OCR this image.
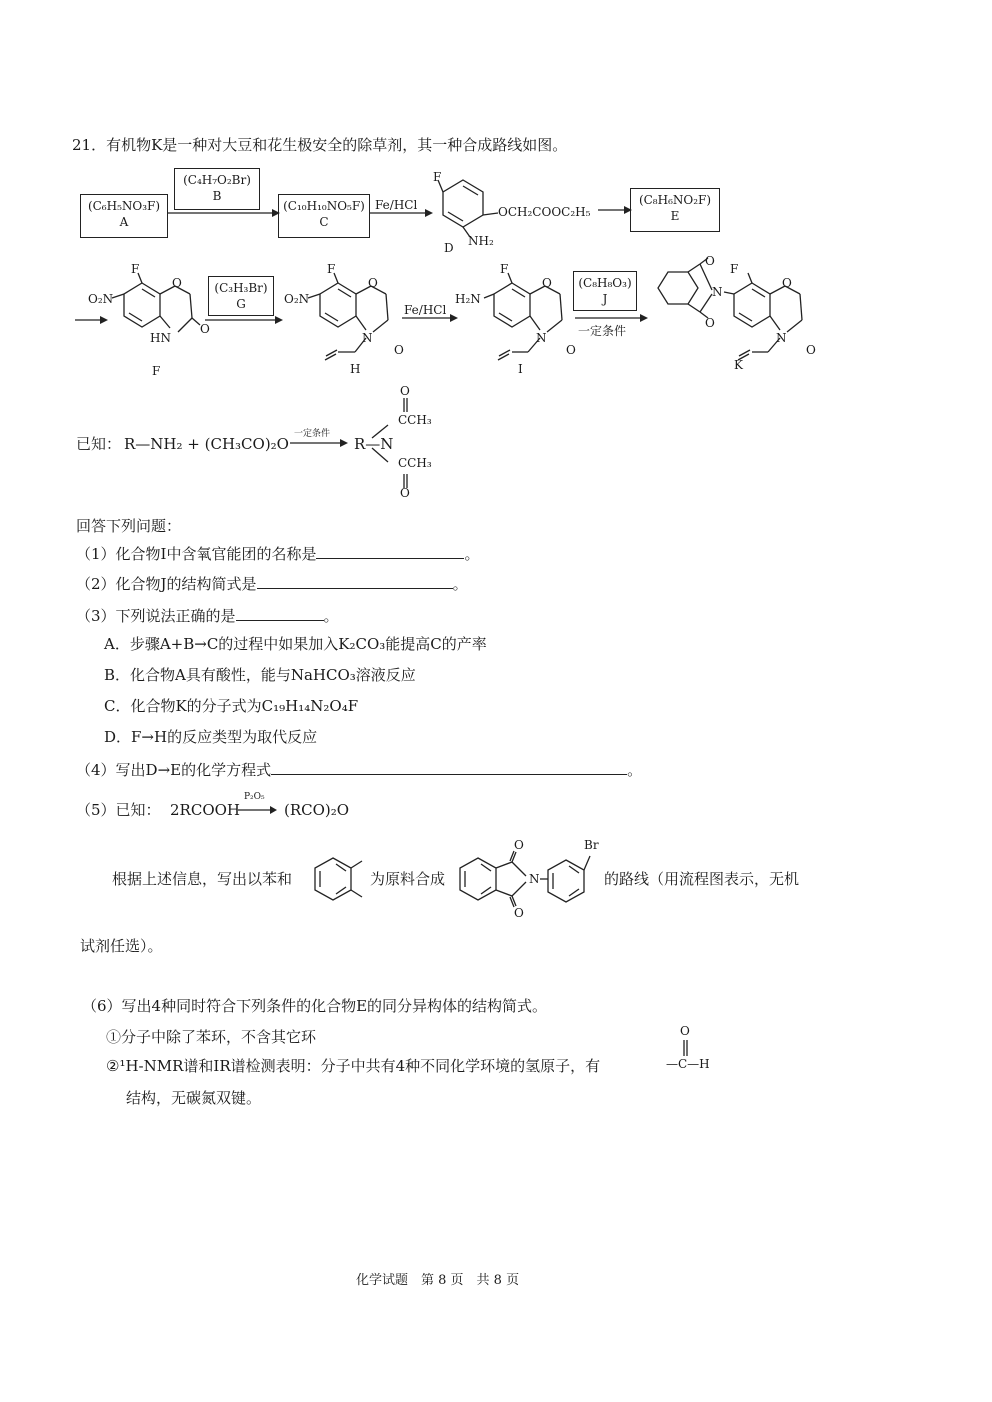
21．有机物K是一种对大豆和花生极安全的除草剂，其一种合成路线如图。
(C₆H₅NO₃F)
A
(C₄H₇O₂Br)
B
(C₁₀H₁₀NO₅F)
C
(C₈H₆NO₂F)
E
Fe/HCl
F
OCH₂COOC₂H₅
NH₂
D
F
O₂N
O
HN
O
F
(C₃H₃Br)
G
F
O₂N
O
N
O
H
Fe/HCl
F
H₂N
O
N
O
I
(C₈H₈O₃)
J
一定条件
O
N
O
F
O
N
O
K
已知： R—NH₂ + (CH₃CO)₂O
一定条件
R—N
O
CCH₃
CCH₃
O
回答下列问题：
（1）化合物I中含氧官能团的名称是	。
（2）化合物J的结构简式是	。
（3）下列说法正确的是	。
A．步骤A+B→C的过程中如果加入K₂CO₃能提高C的产率
B．化合物A具有酸性，能与NaHCO₃溶液反应
C．化合物K的分子式为C₁₉H₁₄N₂O₄F
D．F→H的反应类型为取代反应
（4）写出D→E的化学方程式	。
（5）已知： 2RCOOH
P₂O₅
(RCO)₂O
根据上述信息，写出以苯和	为原料合成
O
N
O
Br
的路线（用流程图表示，无机
试剂任选）。
（6）写出4种同时符合下列条件的化合物E的同分异构体的结构简式。
①分子中除了苯环，不含其它环
②¹H-NMR谱和IR谱检测表明：分子中共有4种不同化学环境的氢原子，有
O
—C—H
结构，无碳氮双键。
化学试题　第 8 页　共 8 页
